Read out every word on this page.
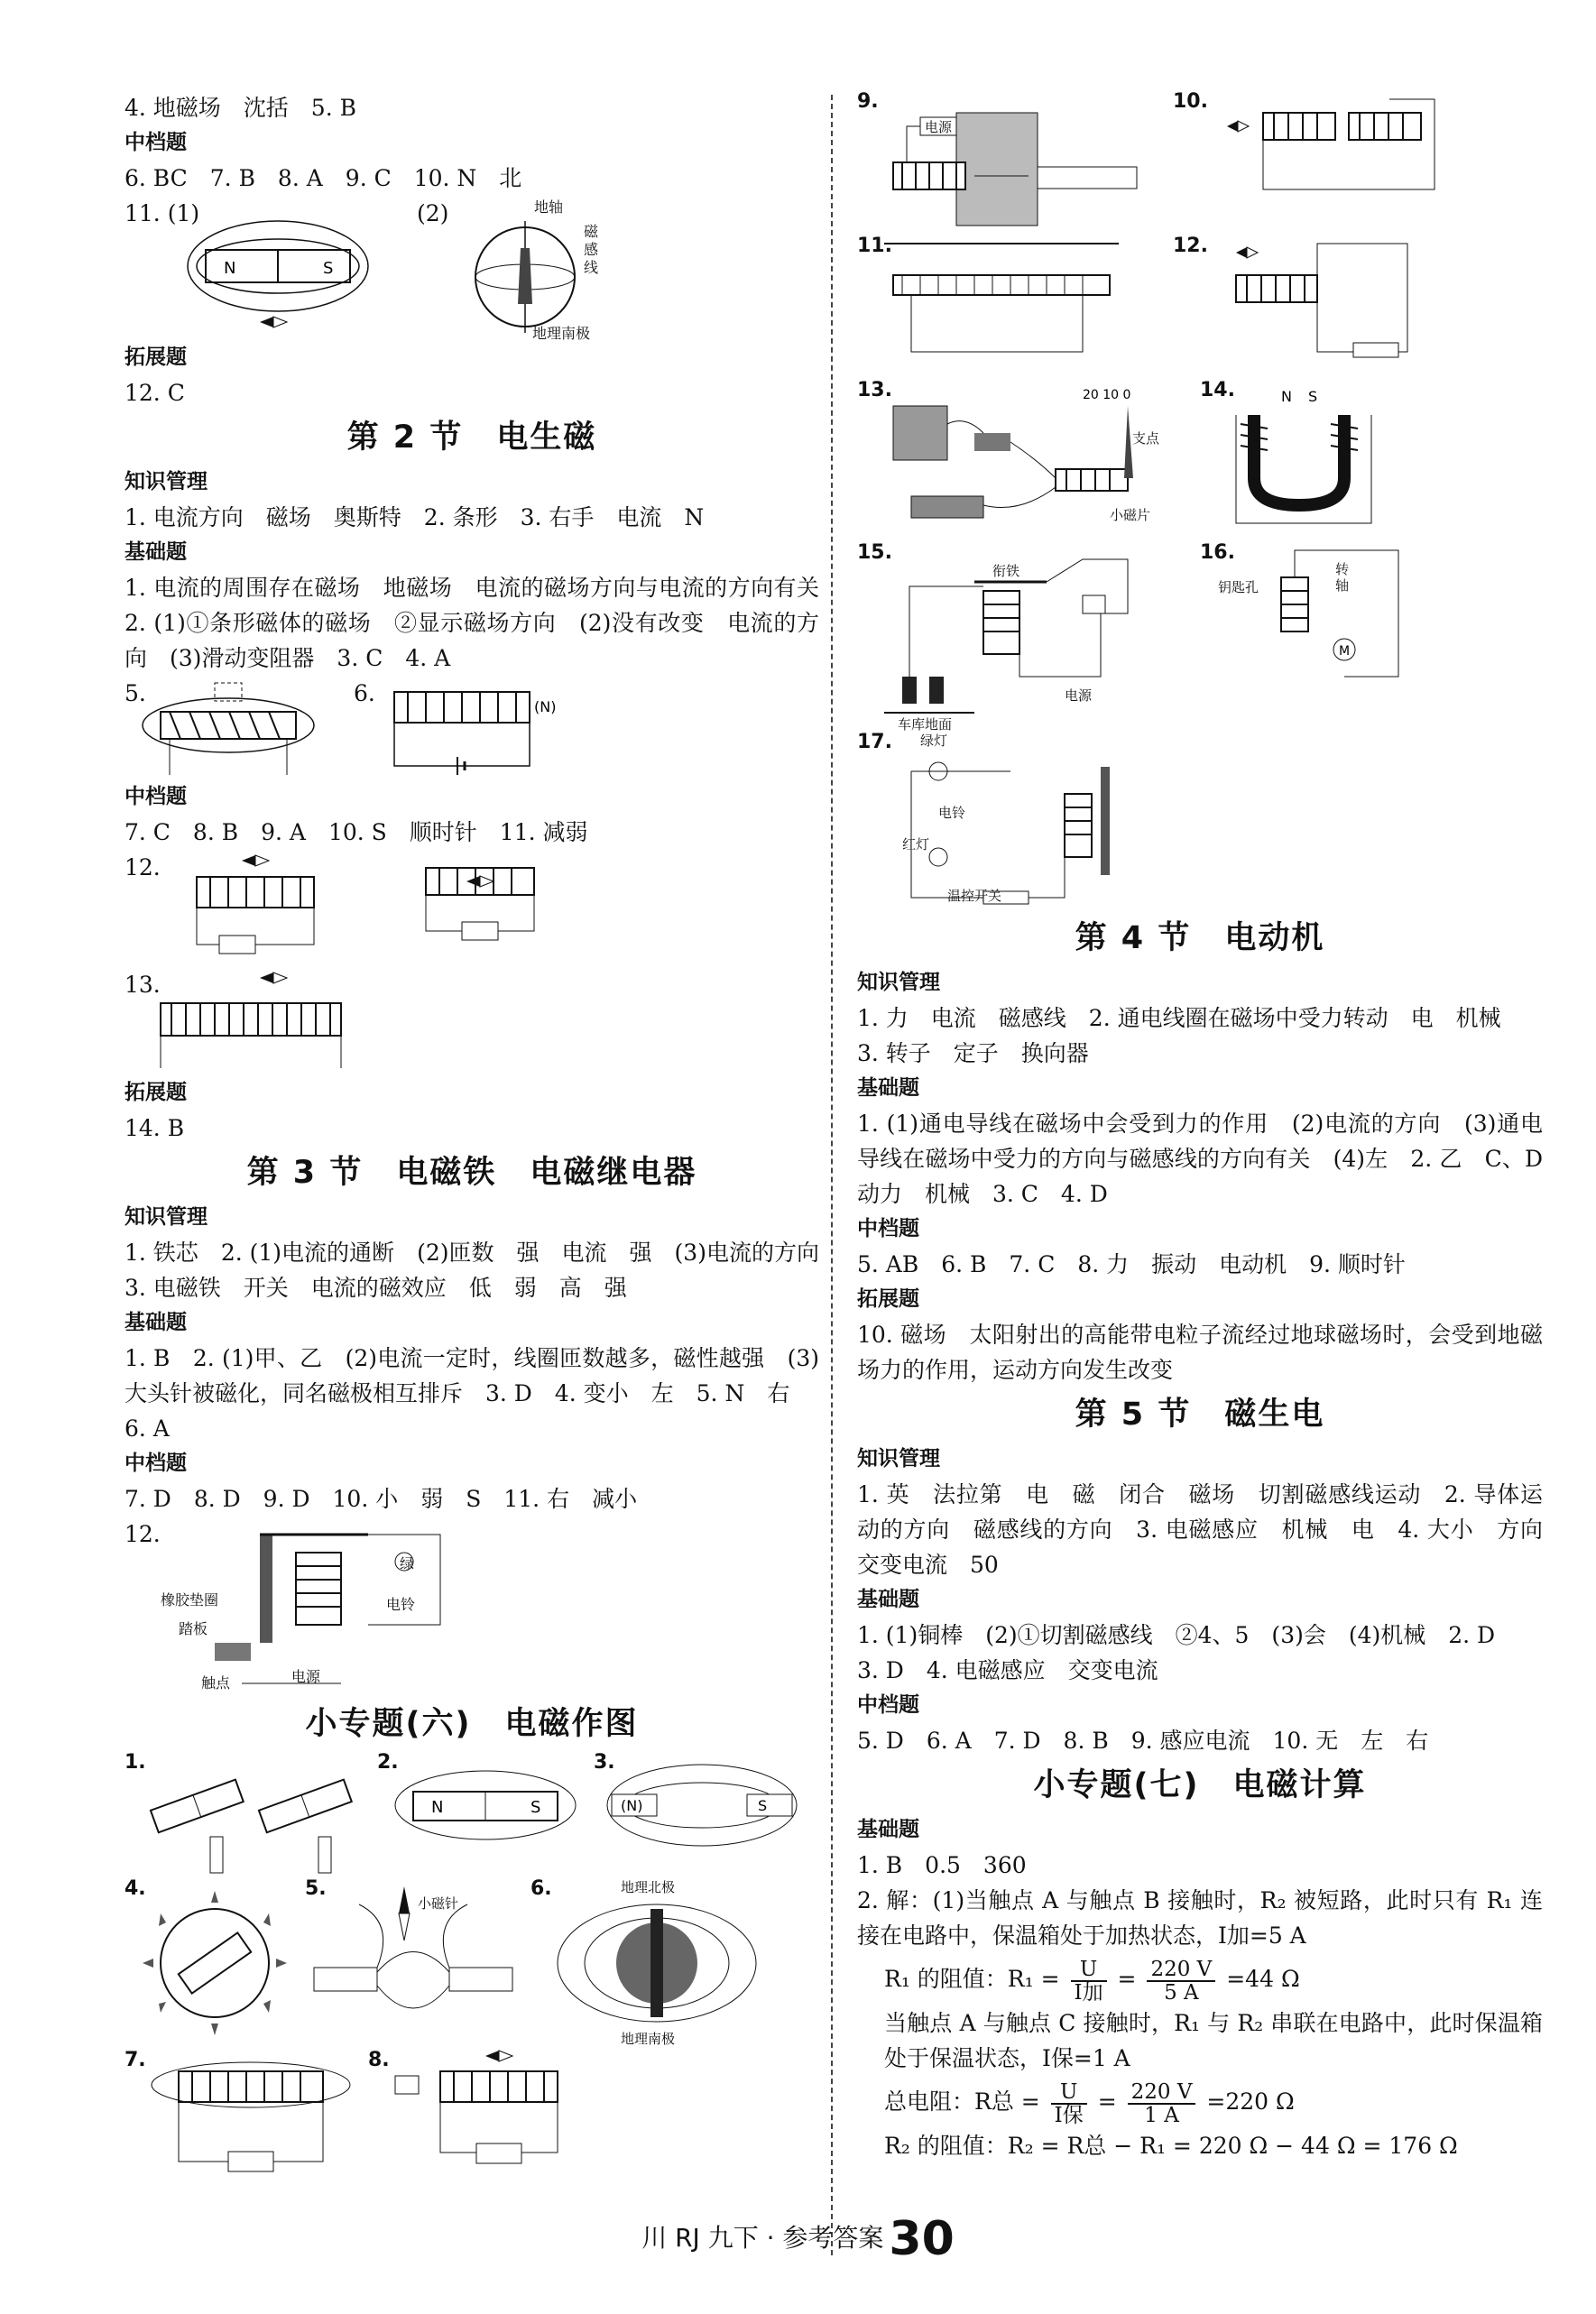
4. 地磁场　沈括　5. B
中档题
6. BC　7. B　8. A　9. C　10. N　北
11. (1)
N	S
(2)	地轴
磁感线
地理南极
拓展题
12. C
第 2 节　电生磁
知识管理
1. 电流方向　磁场　奥斯特　2. 条形　3. 右手　电流　N
基础题
1. 电流的周围存在磁场　地磁场　电流的磁场方向与电流的方向有关　2. (1)①条形磁体的磁场　②显示磁场方向　(2)没有改变　电流的方向　(3)滑动变阻器　3. C　4. A
5.	6.
(N)
中档题
7. C　8. B　9. A　10. S　顺时针　11. 减弱
12.
13.
拓展题
14. B
第 3 节　电磁铁　电磁继电器
知识管理
1. 铁芯　2. (1)电流的通断　(2)匝数　强　电流　强　(3)电流的方向　3. 电磁铁　开关　电流的磁效应　低　弱　高　强
基础题
1. B　2. (1)甲、乙　(2)电流一定时，线圈匝数越多，磁性越强　(3)大头针被磁化，同名磁极相互排斥　3. D　4. 变小　左　5. N　右
6. A
中档题
7. D　8. D　9. D　10. 小　弱　S　11. 右　减小
12.
橡胶垫圈
踏板
触点	电源
绿
电铃
小专题(六)　电磁作图
1.	2.
N	S
3.
(N)	S
4.	5.
小磁针
6.	地理北极
地理南极
7.	8.
9.
电源
10.
11.	12.
13.	20 10 0
支点
小磁片
14.	N S
15.
衔铁
电源
车库地面
16.
M
钥匙孔
转轴
17. 绿灯
电铃
红灯
温控开关
第 4 节　电动机
知识管理
1. 力　电流　磁感线　2. 通电线圈在磁场中受力转动　电　机械
3. 转子　定子　换向器
基础题
1. (1)通电导线在磁场中会受到力的作用　(2)电流的方向　(3)通电导线在磁场中受力的方向与磁感线的方向有关　(4)左　2. 乙　C、D　动力　机械　3. C　4. D
中档题
5. AB　6. B　7. C　8. 力　振动　电动机　9. 顺时针
拓展题
10. 磁场　太阳射出的高能带电粒子流经过地球磁场时，会受到地磁场力的作用，运动方向发生改变
第 5 节　磁生电
知识管理
1. 英　法拉第　电　磁　闭合　磁场　切割磁感线运动　2. 导体运动的方向　磁感线的方向　3. 电磁感应　机械　电　4. 大小　方向　交变电流　50
基础题
1. (1)铜棒　(2)①切割磁感线　②4、5　(3)会　(4)机械　2. D
3. D　4. 电磁感应　交变电流
中档题
5. D　6. A　7. D　8. B　9. 感应电流　10. 无　左　右
小专题(七)　电磁计算
基础题
1. B　0.5　360
2. 解：(1)当触点 A 与触点 B 接触时，R₂ 被短路，此时只有 R₁ 连接在电路中，保温箱处于加热状态，I加=5 A
R₁ 的阻值：$R_1 = \frac{U}{\text{I加}} = \frac{220 V}{5 A} =44$ Ω
当触点 A 与触点 C 接触时，R₁ 与 R₂ 串联在电路中，此时保温箱处于保温状态，I保=1 A
总电阻：R总 = $\frac{U}{\text{I保}} = \frac{220 V}{1 A} =220$ Ω
R₂ 的阻值：R₂ = R总 − R₁ = 220 Ω − 44 Ω = 176 Ω
川 RJ 九下 · 参考答案 30
